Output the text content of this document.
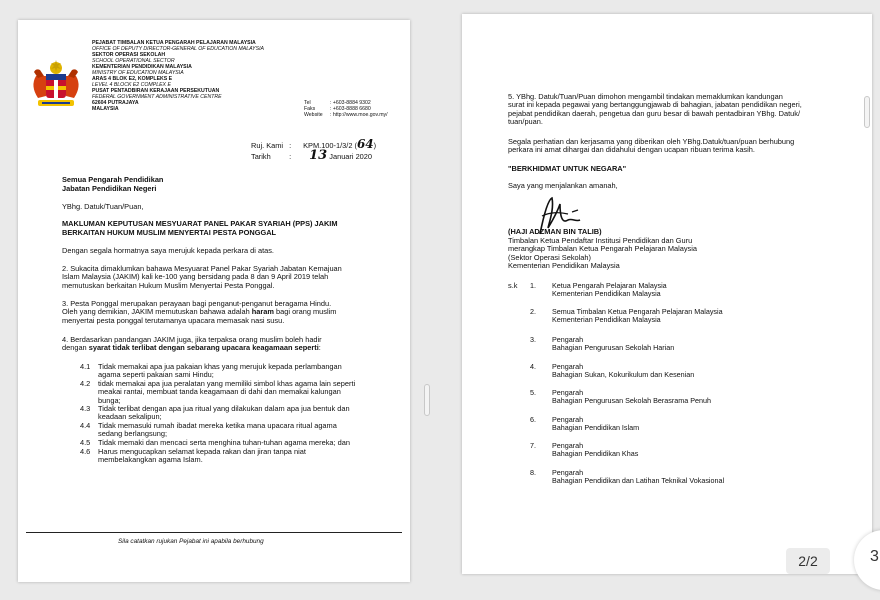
PEJABAT TIMBALAN KETUA PENGARAH PELAJARAN MALAYSIA
OFFICE OF DEPUTY DIRECTOR-GENERAL OF EDUCATION MALAYSIA
SEKTOR OPERASI SEKOLAH
SCHOOL OPERATIONAL SECTOR
KEMENTERIAN PENDIDIKAN MALAYSIA
MINISTRY OF EDUCATION MALAYSIA
ARAS 4 BLOK E2, KOMPLEKS E
LEVEL 4 BLOCK E2 COMPLEX E
PUSAT PENTADBIRAN KERAJAAN PERSEKUTUAN
FEDERAL GOVERNMENT ADMINISTRATIVE CENTRE
62604 PUTRAJAYA
MALAYSIA
Tel	: +603-8884 9302
Faks	: +603-8888 6680
Website : http://www.moe.gov.my/
Ruj. Kami : KPM.100-1/3/2 (64)
Tarikh : 13 Januari 2020
Semua Pengarah Pendidikan
Jabatan Pendidikan Negeri
YBhg. Datuk/Tuan/Puan,
MAKLUMAN KEPUTUSAN MESYUARAT PANEL PAKAR SYARIAH (PPS) JAKIM
BERKAITAN HUKUM MUSLIM MENYERTAI PESTA PONGGAL
Dengan segala hormatnya saya merujuk kepada perkara di atas.
2. Sukacita dimaklumkan bahawa Mesyuarat Panel Pakar Syariah Jabatan Kemajuan
Islam Malaysia (JAKIM) kali ke-100 yang bersidang pada 8 dan 9 April 2019 telah
memutuskan berkaitan Hukum Muslim Menyertai Pesta Ponggal.
3. Pesta Ponggal merupakan perayaan bagi penganut-penganut beragama Hindu.
Oleh yang demikian, JAKIM memutuskan bahawa adalah haram bagi orang muslim
menyertai pesta ponggal terutamanya upacara memasak nasi susu.
4. Berdasarkan pandangan JAKIM juga, jika terpaksa orang muslim boleh hadir
dengan syarat tidak terlibat dengan sebarang upacara keagamaan seperti:
4.1 Tidak memakai apa jua pakaian khas yang merujuk kepada perlambangan
agama seperti pakaian sami Hindu;
4.2 tidak memakai apa jua peralatan yang memiliki simbol khas agama lain seperti
meakai rantai, membuat tanda keagamaan di dahi dan memakai kalungan
bunga;
4.3 Tidak terlibat dengan apa jua ritual yang dilakukan dalam apa jua bentuk dan
keadaan sekalipun;
4.4 Tidak memasuki rumah ibadat mereka ketika mana upacara ritual agama
sedang berlangsung;
4.5 Tidak memaki dan mencaci serta menghina tuhan-tuhan agama mereka; dan
4.6 Harus mengucapkan selamat kepada rakan dan jiran tanpa niat
membelakangkan agama Islam.
Sila catatkan rujukan Pejabat ini apabila berhubung
5. YBhg. Datuk/Tuan/Puan dimohon mengambil tindakan memaklumkan kandungan
surat ini kepada pegawai yang bertanggungjawab di bahagian, jabatan pendidikan negeri,
pejabat pendidikan daerah, pengetua dan guru besar di bawah pentadbiran YBhg. Datuk/
tuan/puan.
Segala perhatian dan kerjasama yang diberikan oleh YBhg.Datuk/tuan/puan berhubung
perkara ini amat dihargai dan didahului dengan ucapan ribuan terima kasih.
"BERKHIDMAT UNTUK NEGARA"
Saya yang menjalankan amanah,
(HAJI ADZMAN BIN TALIB)
Timbalan Ketua Pendaftar Institusi Pendidikan dan Guru
merangkap Timbalan Ketua Pengarah Pelajaran Malaysia
(Sektor Operasi Sekolah)
Kementerian Pendidikan Malaysia
s.k 1. Ketua Pengarah Pelajaran Malaysia
Kementerian Pendidikan Malaysia
2. Semua Timbalan Ketua Pengarah Pelajaran Malaysia
Kementerian Pendidikan Malaysia
3. Pengarah
Bahagian Pengurusan Sekolah Harian
4. Pengarah
Bahagian Sukan, Kokurikulum dan Kesenian
5. Pengarah
Bahagian Pengurusan Sekolah Berasrama Penuh
6. Pengarah
Bahagian Pendidikan Islam
7. Pengarah
Bahagian Pendidikan Khas
8. Pengarah
Bahagian Pendidikan dan Latihan Teknikal Vokasional
2/2	3
